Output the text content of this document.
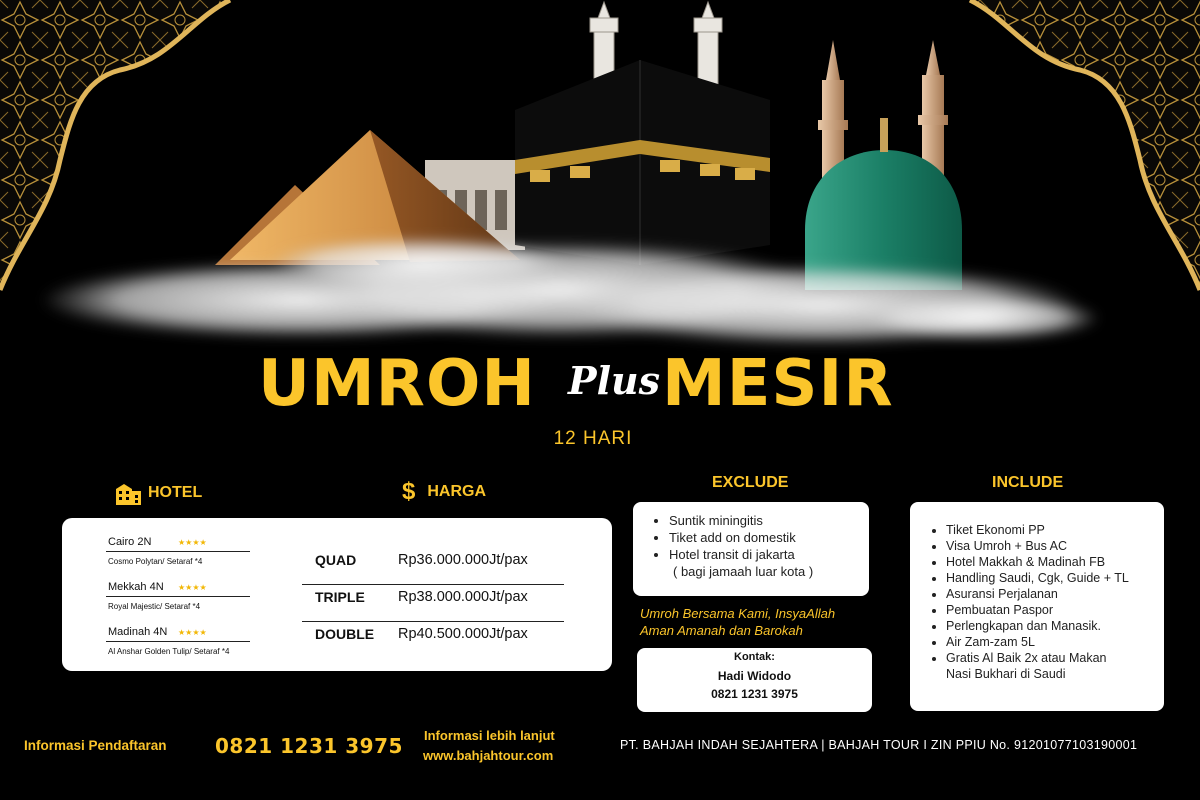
UMROH Plus MESIR
12 HARI
HOTEL	$ HARGA
EXCLUDE	INCLUDE
Cairo 2N	★★★★
Cosmo Polytan/ Setaraf *4
Mekkah 4N ★★★★
Royal Majestic/ Setaraf *4
Madinah 4N ★★★★
Al Anshar Golden Tulip/ Setaraf *4
QUAD	Rp36.000.000Jt/pax
TRIPLE Rp38.000.000Jt/pax
DOUBLE Rp40.500.000Jt/pax
• Suntik miningitis
• Tiket add on domestik
• Hotel transit di jakarta
( bagi jamaah luar kota )
Umroh Bersama Kami, InsyaAllah
Aman Amanah dan Barokah
Kontak:
Hadi Widodo
0821 1231 3975
• Tiket Ekonomi PP
• Visa Umroh + Bus AC
• Hotel Makkah & Madinah FB
• Handling Saudi, Cgk, Guide + TL
• Asuransi Perjalanan
• Pembuatan Paspor
• Perlengkapan dan Manasik.
• Air Zam-zam 5L
• Gratis Al Baik 2x atau Makan
Nasi Bukhari di Saudi
Informasi Pendaftaran 0821 1231 3975 Informasi lebih lanjut
www.bahjahtour.com
PT. BAHJAH INDAH SEJAHTERA | BAHJAH TOUR I ZIN PPIU No. 91201077103190001
